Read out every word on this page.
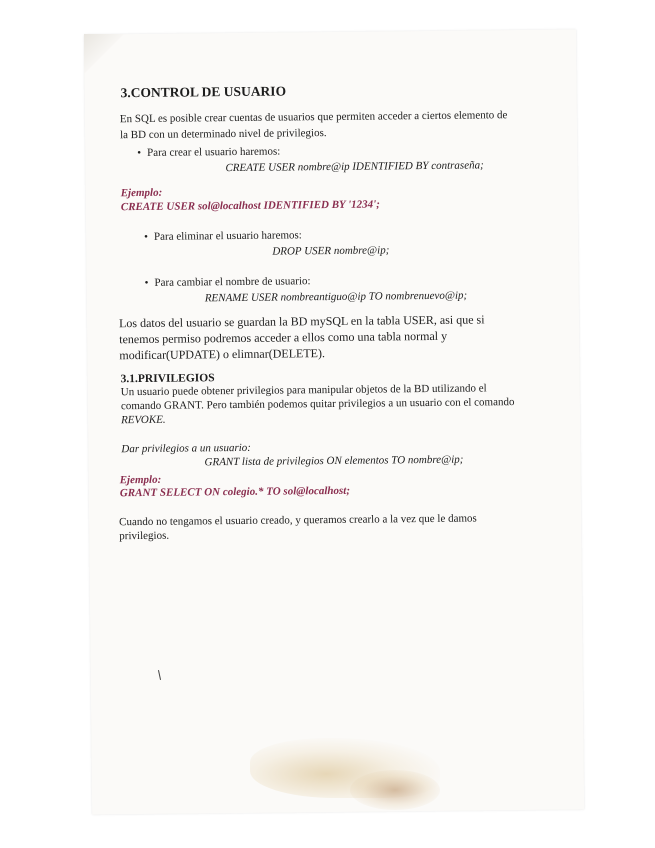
3.CONTROL DE USUARIO
En SQL es posible crear cuentas de usuarios que permiten acceder a ciertos elemento de
la BD con un determinado nivel de privilegios.
• Para crear el usuario haremos:
CREATE USER nombre@ip IDENTIFIED BY contraseña;
Ejemplo:
CREATE USER sol@localhost IDENTIFIED BY '1234';
• Para eliminar el usuario haremos:
DROP USER nombre@ip;
• Para cambiar el nombre de usuario:
RENAME USER nombreantiguo@ip TO nombrenuevo@ip;
Los datos del usuario se guardan la BD mySQL en la tabla USER, asi que si
tenemos permiso podremos acceder a ellos como una tabla normal y
modificar(UPDATE) o elimnar(DELETE).
3.1.PRIVILEGIOS
Un usuario puede obtener privilegios para manipular objetos de la BD utilizando el
comando GRANT. Pero también podemos quitar privilegios a un usuario con el comando
REVOKE.
Dar privilegios a un usuario:
GRANT lista de privilegios ON elementos TO nombre@ip;
Ejemplo:
GRANT SELECT ON colegio.* TO sol@localhost;
Cuando no tengamos el usuario creado, y queramos crearlo a la vez que le damos
privilegios.
